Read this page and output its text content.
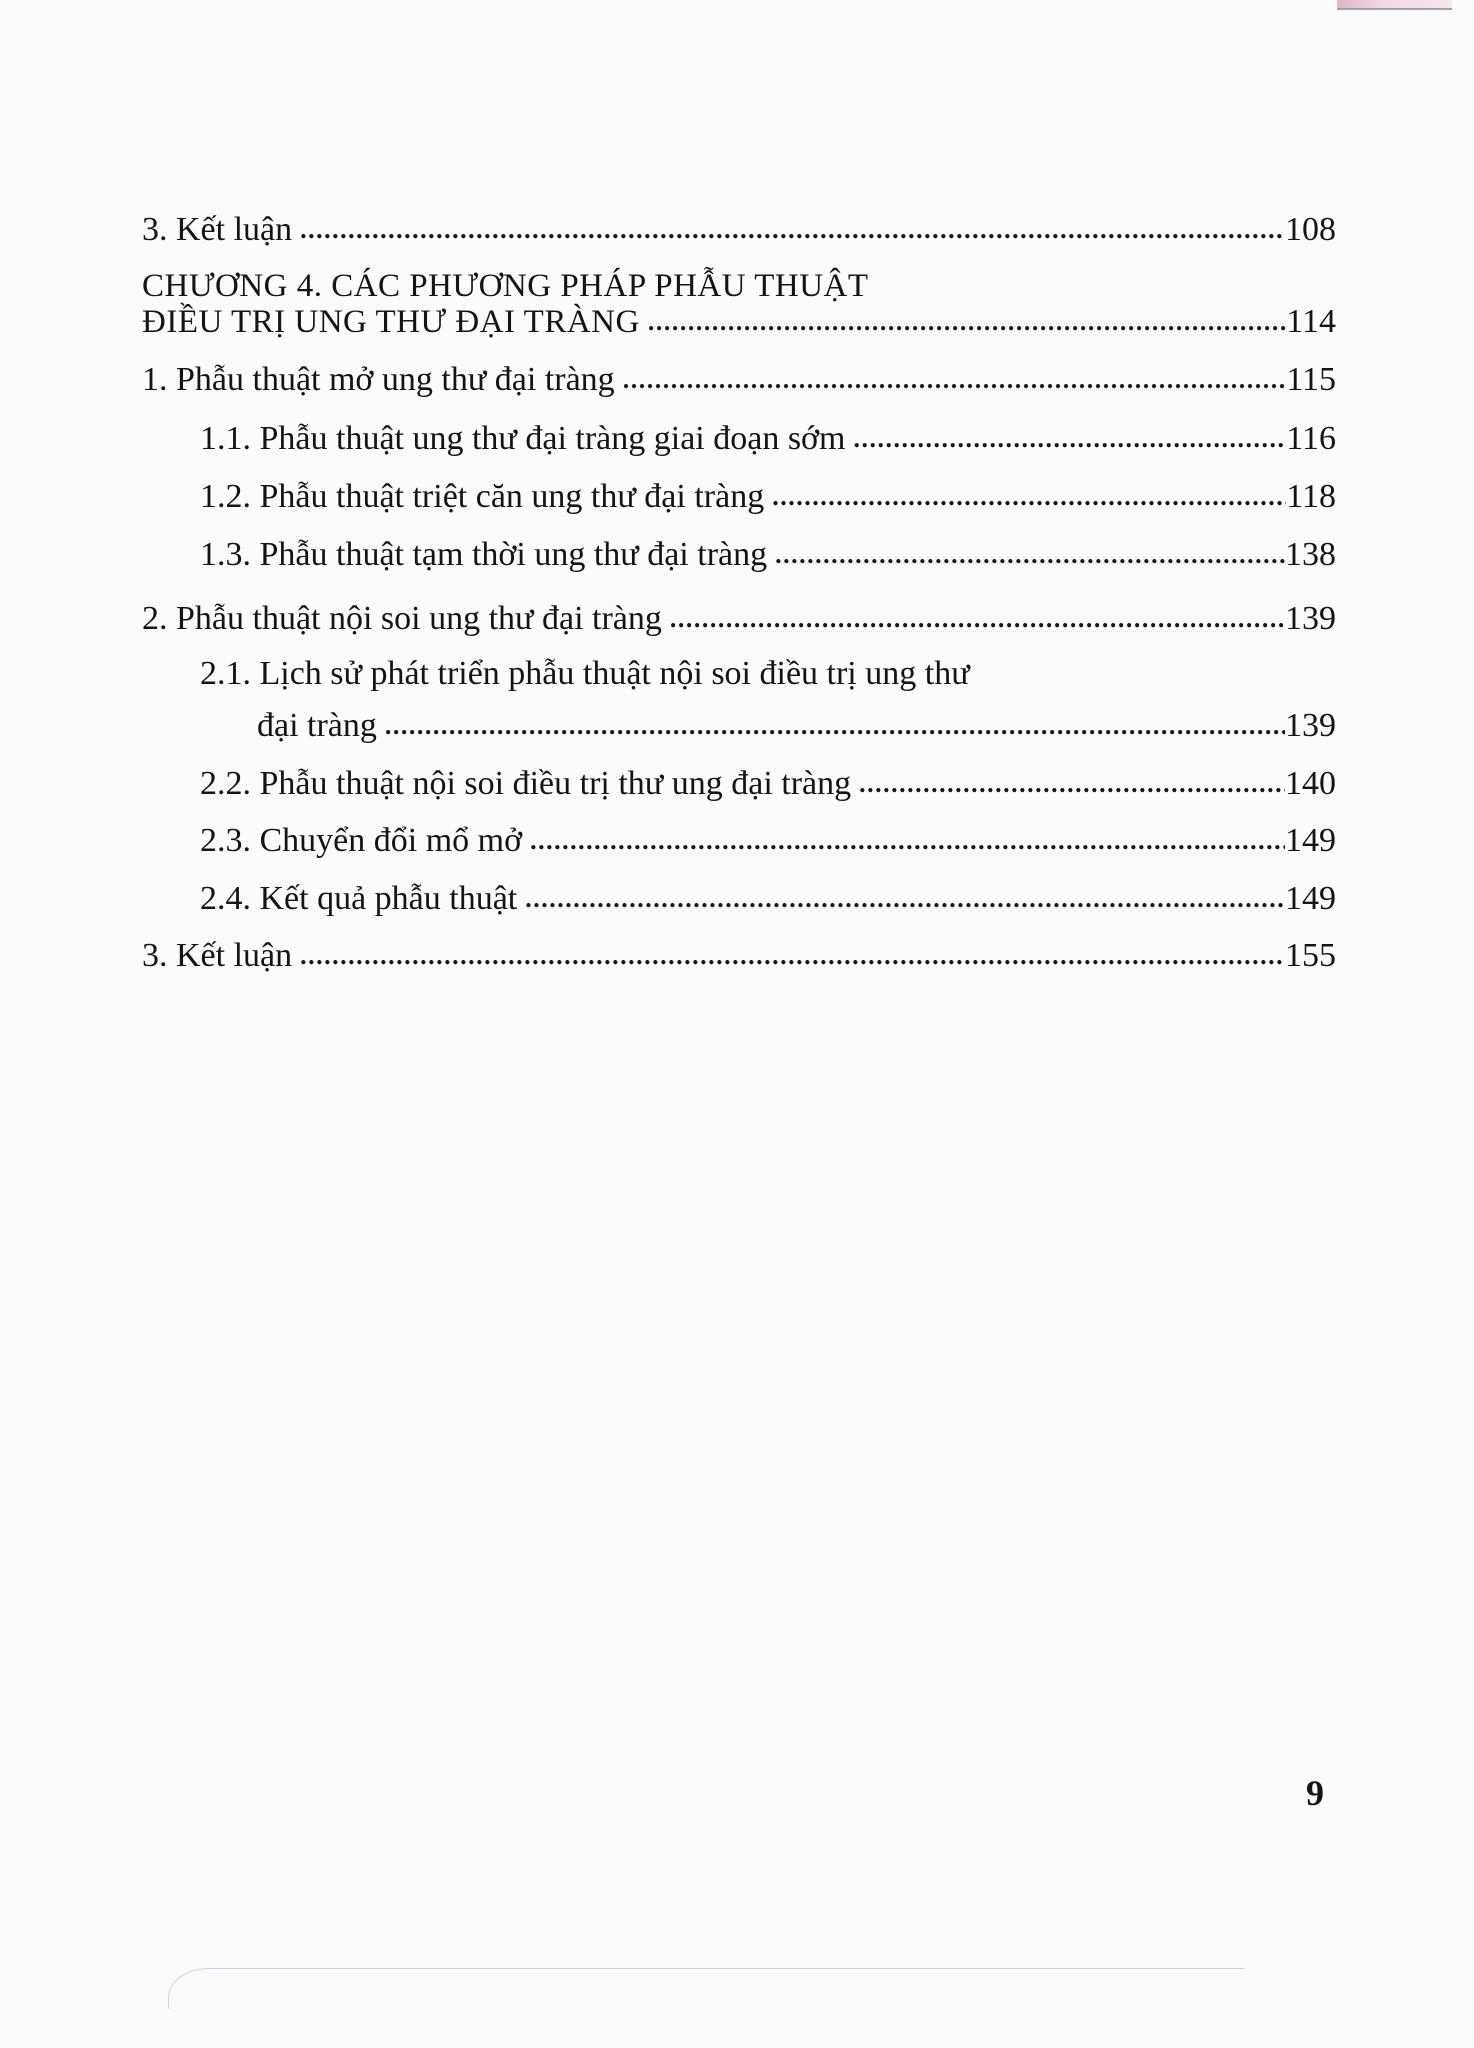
3. Kết luận .....	108
CHƯƠNG 4. CÁC PHƯƠNG PHÁP PHẪU THUẬT
ĐIỀU TRỊ UNG THƯ ĐẠI TRÀNG .....	114
1. Phẫu thuật mở ung thư đại tràng .....	115
1.1. Phẫu thuật ung thư đại tràng giai đoạn sớm .....	116
1.2. Phẫu thuật triệt căn ung thư đại tràng .....	118
1.3. Phẫu thuật tạm thời ung thư đại tràng .....	138
2. Phẫu thuật nội soi ung thư đại tràng .....	139
2.1. Lịch sử phát triển phẫu thuật nội soi điều trị ung thư
đại tràng .....	139
2.2. Phẫu thuật nội soi điều trị thư ung đại tràng .....	140
2.3. Chuyển đổi mổ mở .....	149
2.4. Kết quả phẫu thuật .....	149
3. Kết luận .....	155
9
